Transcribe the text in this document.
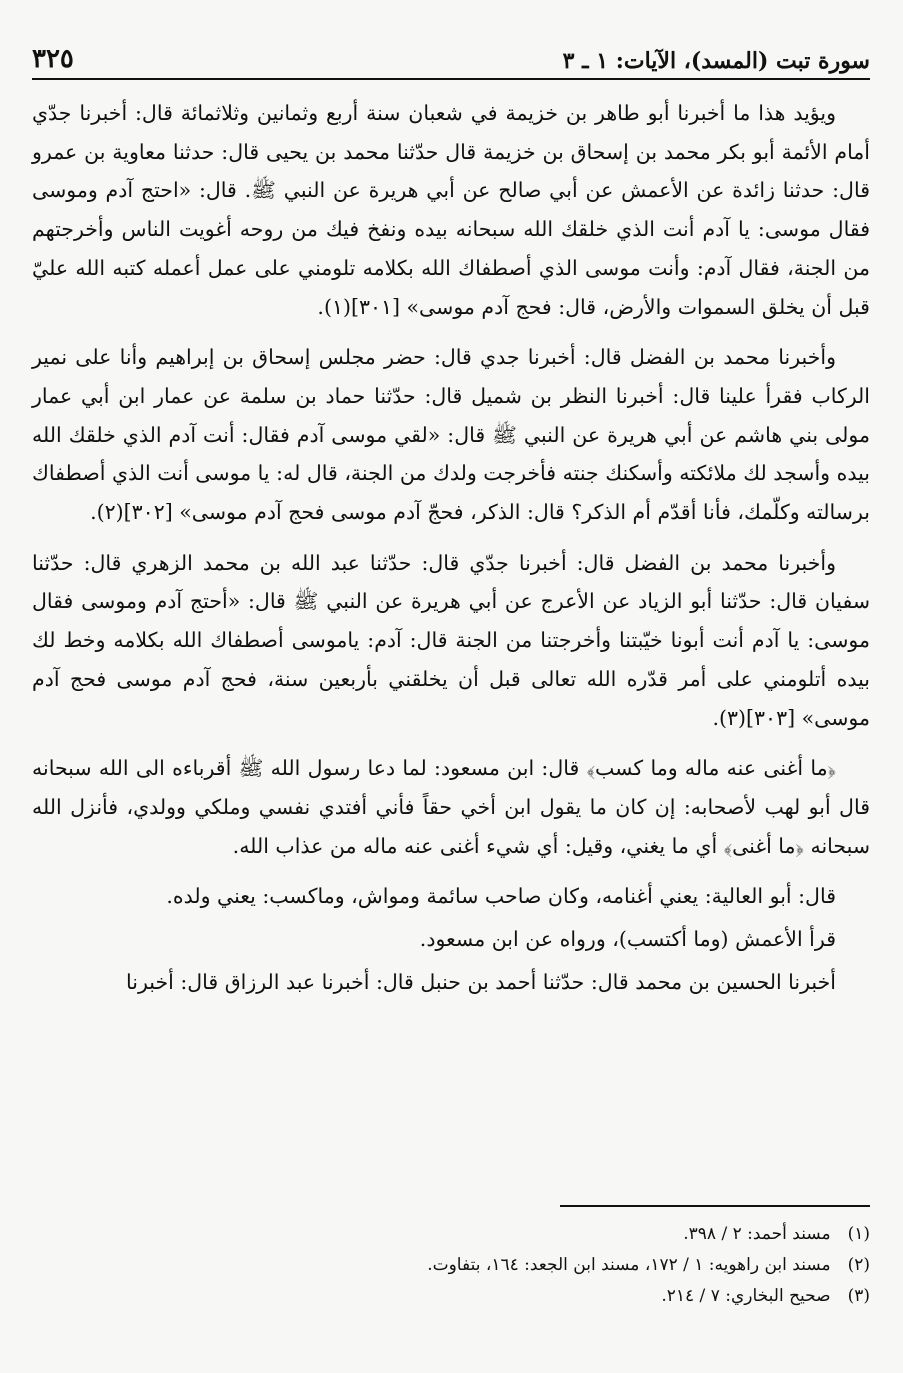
سورة تبت (المسد)، الآيات: ١ ـ ٣
٣٢٥

ويؤيد هذا ما أخبرنا أبو طاهر بن خزيمة في شعبان سنة أربع وثمانين وثلاثمائة قال: أخبرنا جدّي أمام الأئمة أبو بكر محمد بن إسحاق بن خزيمة قال حدّثنا محمد بن يحيى قال: حدثنا معاوية بن عمرو قال: حدثنا زائدة عن الأعمش عن أبي صالح عن أبي هريرة عن النبي ﷺ. قال: «احتج آدم وموسى فقال موسى: يا آدم أنت الذي خلقك الله سبحانه بيده ونفخ فيك من روحه أغويت الناس وأخرجتهم من الجنة، فقال آدم: وأنت موسى الذي أصطفاك الله بكلامه تلومني على عمل أعمله كتبه الله عليّ قبل أن يخلق السموات والأرض، قال: فحج آدم موسى» [٣٠١](١).

وأخبرنا محمد بن الفضل قال: أخبرنا جدي قال: حضر مجلس إسحاق بن إبراهيم وأنا على نمير الركاب فقرأ علينا قال: أخبرنا النظر بن شميل قال: حدّثنا حماد بن سلمة عن عمار ابن أبي عمار مولى بني هاشم عن أبي هريرة عن النبي ﷺ قال: «لقي موسى آدم فقال: أنت آدم الذي خلقك الله بيده وأسجد لك ملائكته وأسكنك جنته فأخرجت ولدك من الجنة، قال له: يا موسى أنت الذي أصطفاك برسالته وكلّمك، فأنا أقدّم أم الذكر؟ قال: الذكر، فحجّ آدم موسى فحج آدم موسى» [٣٠٢](٢).

وأخبرنا محمد بن الفضل قال: أخبرنا جدّي قال: حدّثنا عبد الله بن محمد الزهري قال: حدّثنا سفيان قال: حدّثنا أبو الزياد عن الأعرج عن أبي هريرة عن النبي ﷺ قال: «أحتج آدم وموسى فقال موسى: يا آدم أنت أبونا خيّبتنا وأخرجتنا من الجنة قال: آدم: ياموسى أصطفاك الله بكلامه وخط لك بيده أتلومني على أمر قدّره الله تعالى قبل أن يخلقني بأربعين سنة، فحج آدم موسى فحج آدم موسى» [٣٠٣](٣).

﴿ما أغنى عنه ماله وما كسب﴾ قال: ابن مسعود: لما دعا رسول الله ﷺ أقرباءه الى الله سبحانه قال أبو لهب لأصحابه: إن كان ما يقول ابن أخي حقاً فأني أفتدي نفسي وملكي وولدي، فأنزل الله سبحانه ﴿ما أغنى﴾ أي ما يغني، وقيل: أي شيء أغنى عنه ماله من عذاب الله.

قال: أبو العالية: يعني أغنامه، وكان صاحب سائمة ومواش، وماكسب: يعني ولده.

قرأ الأعمش (وما أكتسب)، ورواه عن ابن مسعود.

أخبرنا الحسين بن محمد قال: حدّثنا أحمد بن حنبل قال: أخبرنا عبد الرزاق قال: أخبرنا

(١) مسند أحمد: ٢ / ٣٩٨.
(٢) مسند ابن راهويه: ١ / ١٧٢، مسند ابن الجعد: ١٦٤، بتفاوت.
(٣) صحيح البخاري: ٧ / ٢١٤.
